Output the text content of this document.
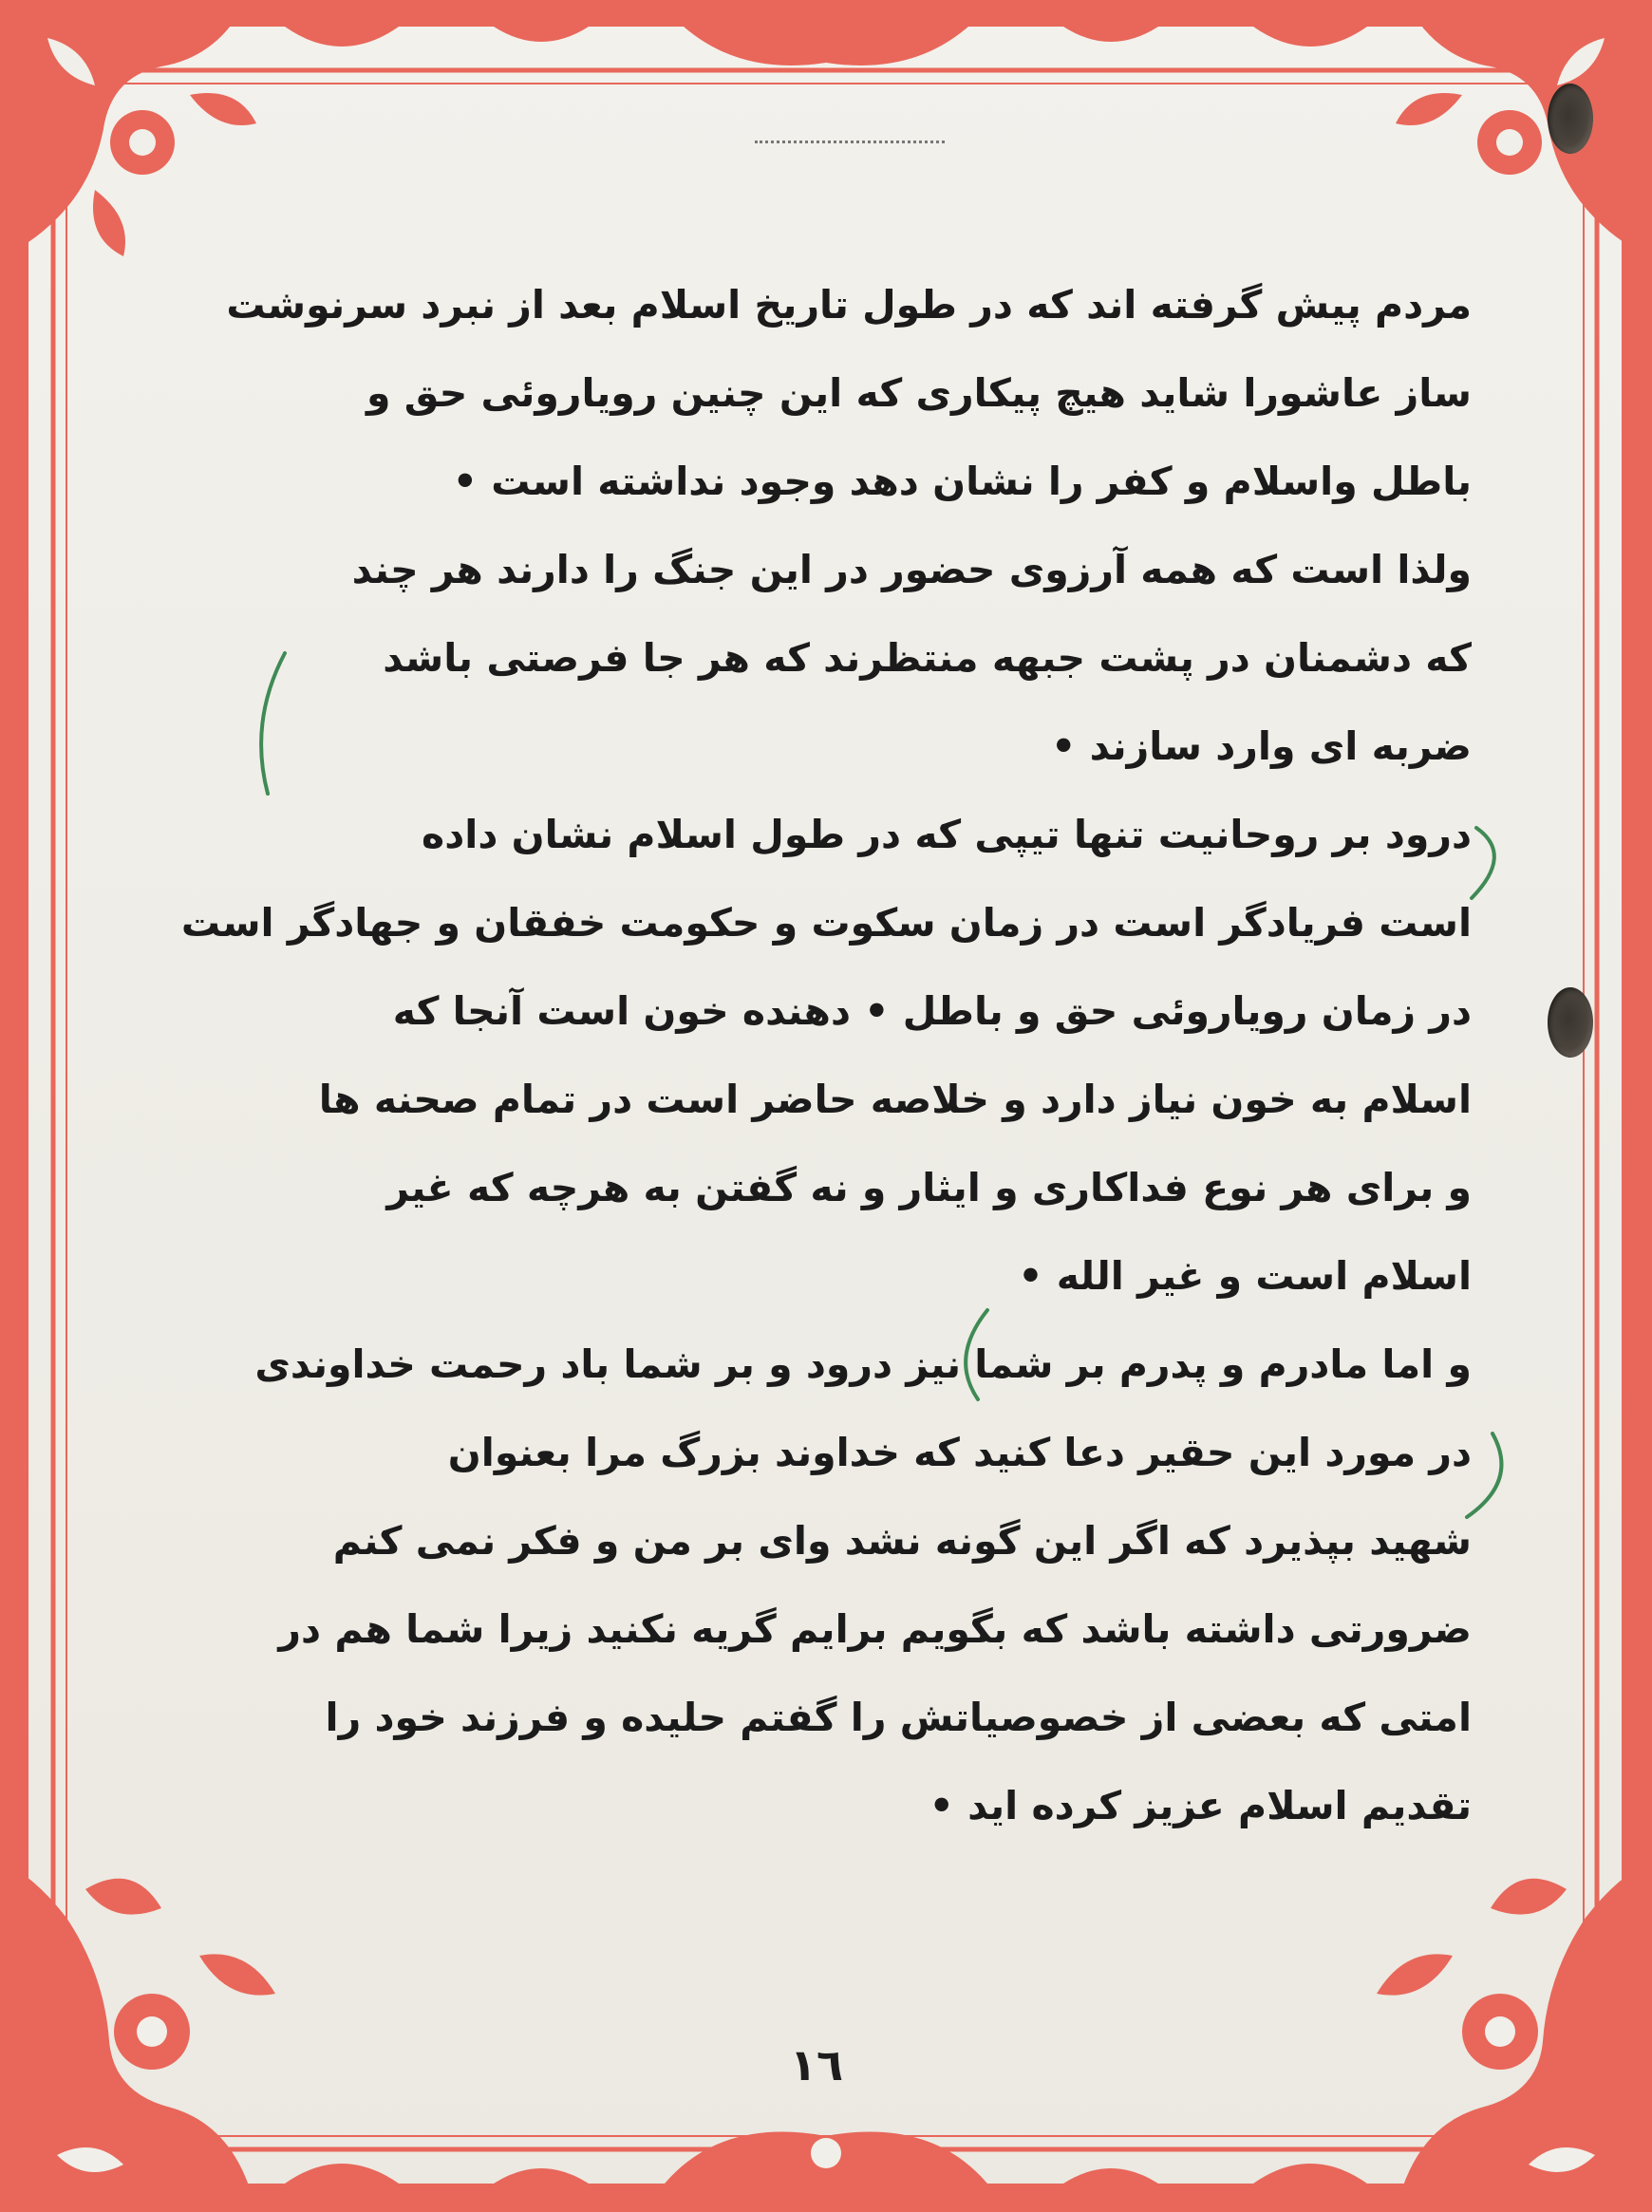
مردم پیش گرفته اند که در طول تاریخ اسلام بعد از نبرد سرنوشت
ساز عاشورا شاید هیچ پیکاری که این چنین رویاروئی حق و
باطل واسلام و کفر را نشان دهد وجود نداشته است •
ولذا است که همه آرزوی حضور در این جنگ را دارند هر چند
که دشمنان در پشت جبهه منتظرند که هر جا فرصتی باشد
ضربه ای وارد سازند •
درود بر روحانیت تنها تیپی که در طول اسلام نشان داده
است فریادگر است در زمان سکوت و حکومت خفقان و جهادگر است
در زمان رویاروئی حق و باطل • دهنده خون است آنجا که
اسلام به خون نیاز دارد و خلاصه حاضر است در تمام صحنه ها
و برای هر نوع فداکاری و ایثار و نه گفتن به هرچه که غیر
اسلام است و غیر الله •
و اما مادرم و پدرم بر شما نیز درود و بر شما باد رحمت خداوندی
در مورد این حقیر دعا کنید که خداوند بزرگ مرا بعنوان
شهید بپذیرد که اگر این گونه نشد وای بر من و فکر نمی کنم
ضرورتی داشته باشد که بگویم برایم گریه نکنید زیرا شما هم در
امتی که بعضی از خصوصیاتش را گفتم حلیده و فرزند خود را
تقدیم اسلام عزیز کرده اید •
١٦
